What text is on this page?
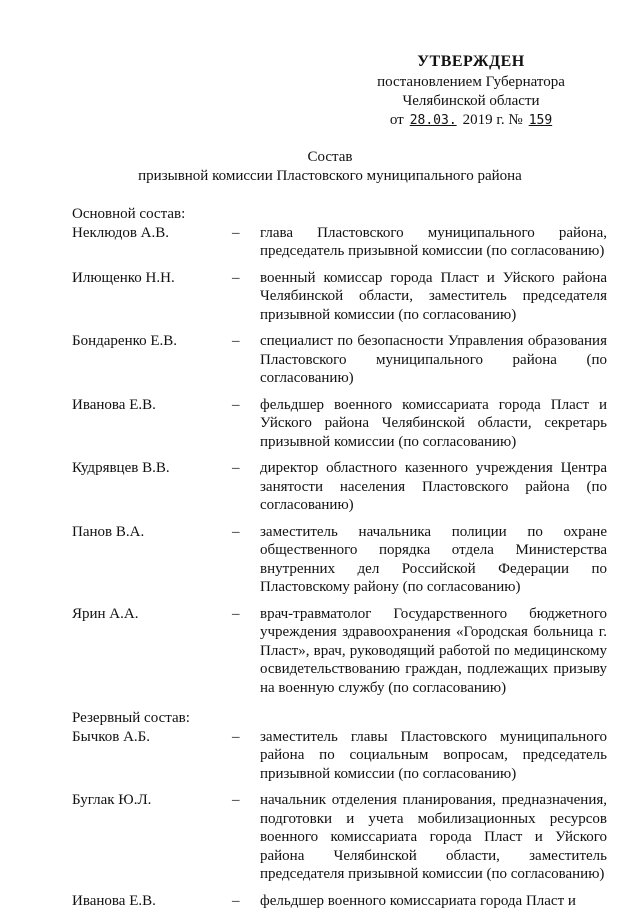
УТВЕРЖДЕН
постановлением Губернатора
Челябинской области
от 28.03. 2019 г. № 159
Состав
призывной комиссии Пластовского муниципального района
Основной состав:
Неклюдов А.В.	–	глава Пластовского муниципального района, председатель призывной комиссии (по согласованию)
Илющенко Н.Н.	–	военный комиссар города Пласт и Уйского района Челябинской области, заместитель председателя призывной комиссии (по согласованию)
Бондаренко Е.В.	–	специалист по безопасности Управления образования Пластовского муниципального района (по согласованию)
Иванова Е.В.	–	фельдшер военного комиссариата города Пласт и Уйского района Челябинской области, секретарь призывной комиссии (по согласованию)
Кудрявцев В.В.	–	директор областного казенного учреждения Центра занятости населения Пластовского района (по согласованию)
Панов В.А.	–	заместитель начальника полиции по охране общественного порядка отдела Министерства внутренних дел Российской Федерации по Пластовскому району (по согласованию)
Ярин А.А.	–	врач-травматолог Государственного бюджетного учреждения здравоохранения «Городская больница г. Пласт», врач, руководящий работой по медицинскому освидетельствованию граждан, подлежащих призыву на военную службу (по согласованию)
Резервный состав:
Бычков А.Б.	–	заместитель главы Пластовского муниципального района по социальным вопросам, председатель призывной комиссии (по согласованию)
Буглак Ю.Л.	–	начальник отделения планирования, предназначения, подготовки и учета мобилизационных ресурсов военного комиссариата города Пласт и Уйского района Челябинской области, заместитель председателя призывной комиссии (по согласованию)
Иванова Е.В.	–	фельдшер военного комиссариата города Пласт и
